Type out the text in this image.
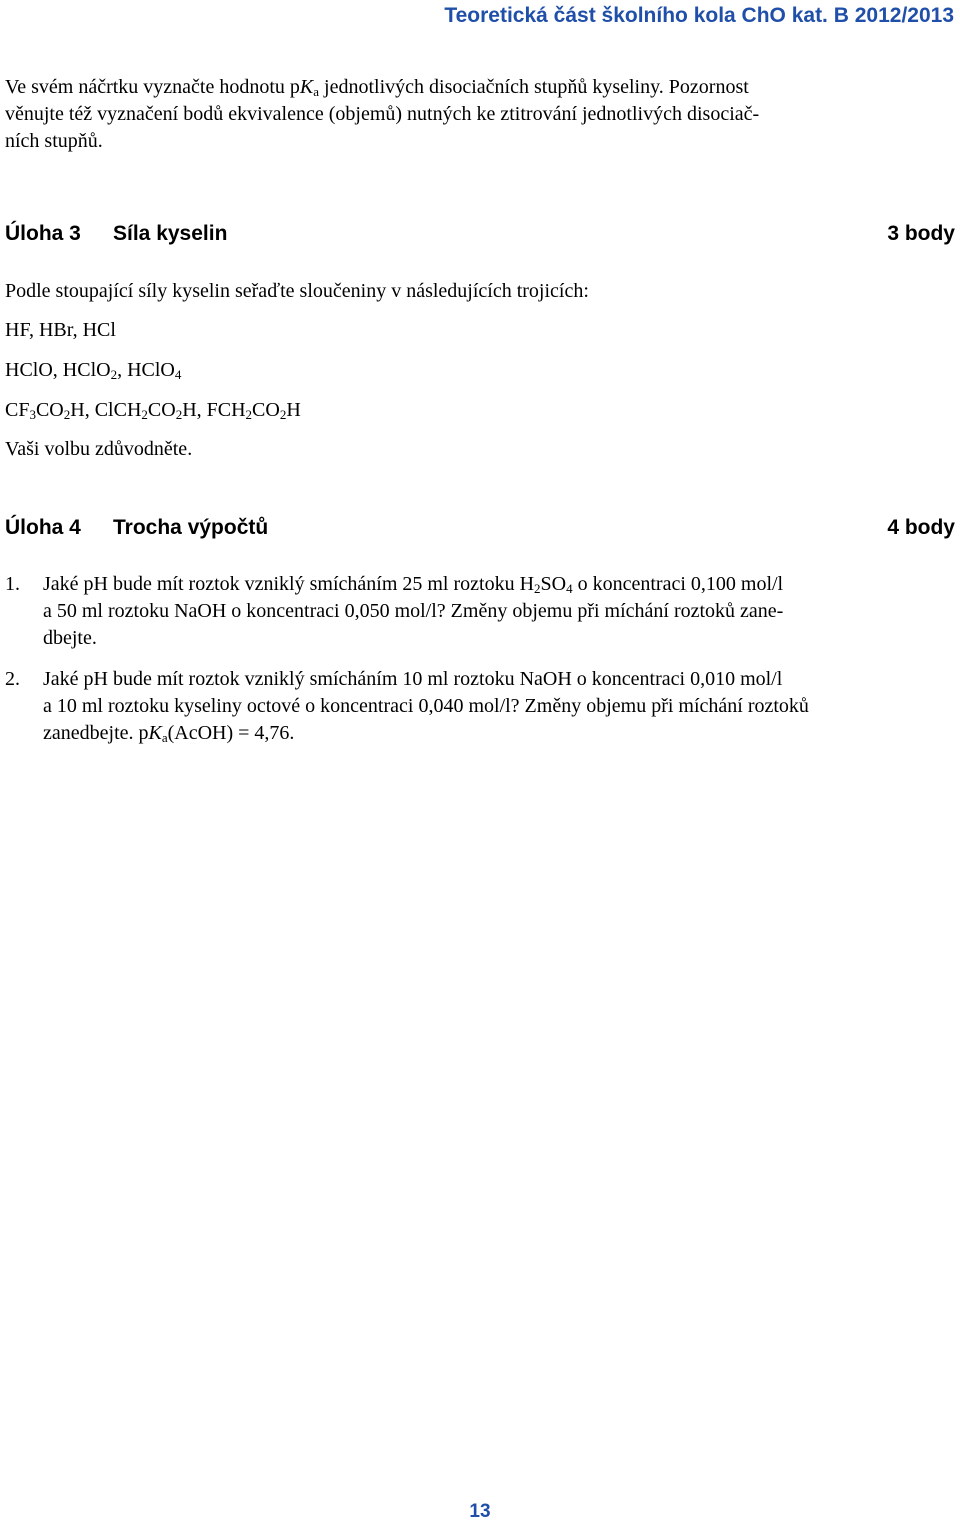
Teoretická část školního kola ChO kat. B 2012/2013
Ve svém náčrtku vyznačte hodnotu $pK_a$ jednotlivých disociačních stupňů kyseliny. Pozornost
věnujte též vyznačení bodů ekvivalence (objemů) nutných ke ztitrování jednotlivých disociač-
ních stupňů.
Úloha 3 Síla kyselin	3 body
Podle stoupající síly kyselin seřaďte sloučeniny v následujících trojicích:
HF, HBr, HCl
HClO, HClO$_2$, HClO$_4$
$CF_3CO_2H$, $ClCH_2CO_2H$, $FCH_2CO_2H$
Vaši volbu zdůvodněte.
Úloha 4 Trocha výpočtů	4 body
1. Jaké pH bude mít roztok vzniklý smícháním 25 ml roztoku $H_2SO_4$ o koncentraci 0,100 mol/l
a 50 ml roztoku NaOH o koncentraci 0,050 mol/l? Změny objemu při míchání roztoků zane-
dbejte.
2. Jaké pH bude mít roztok vzniklý smícháním 10 ml roztoku NaOH o koncentraci 0,010 mol/l
a 10 ml roztoku kyseliny octové o koncentraci 0,040 mol/l? Změny objemu při míchání roztoků
zanedbejte. $pK_a(AcOH) = 4,76$.
13
